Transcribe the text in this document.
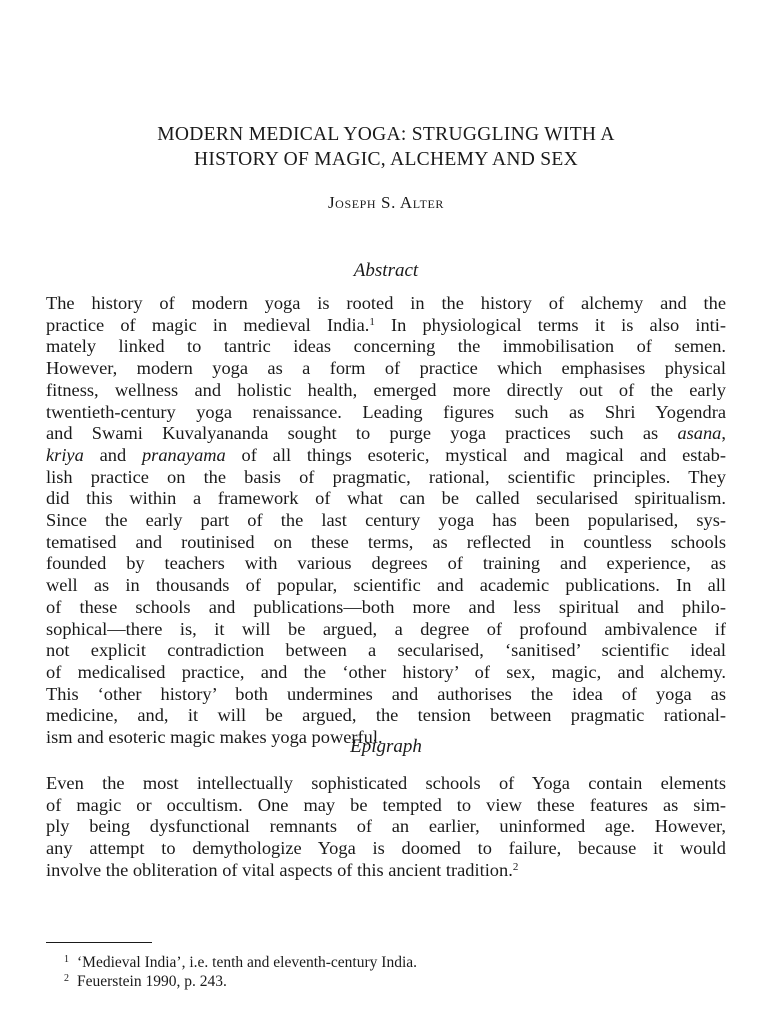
MODERN MEDICAL YOGA: STRUGGLING WITH A
HISTORY OF MAGIC, ALCHEMY AND SEX
Joseph S. Alter
Abstract
The history of modern yoga is rooted in the history of alchemy and the
practice of magic in medieval India.$^1$ In physiological terms it is also inti-
mately linked to tantric ideas concerning the immobilisation of semen.
However, modern yoga as a form of practice which emphasises physical
fitness, wellness and holistic health, emerged more directly out of the early
twentieth-century yoga renaissance. Leading figures such as Shri Yogendra
and Swami Kuvalyananda sought to purge yoga practices such as asana,
kriya and pranayama of all things esoteric, mystical and magical and estab-
lish practice on the basis of pragmatic, rational, scientific principles. They
did this within a framework of what can be called secularised spiritualism.
Since the early part of the last century yoga has been popularised, sys-
tematised and routinised on these terms, as reflected in countless schools
founded by teachers with various degrees of training and experience, as
well as in thousands of popular, scientific and academic publications. In all
of these schools and publications—both more and less spiritual and philo-
sophical—there is, it will be argued, a degree of profound ambivalence if
not explicit contradiction between a secularised, ‘sanitised’ scientific ideal
of medicalised practice, and the ‘other history’ of sex, magic, and alchemy.
This ‘other history’ both undermines and authorises the idea of yoga as
medicine, and, it will be argued, the tension between pragmatic rational-
ism and esoteric magic makes yoga powerful.
Epigraph
Even the most intellectually sophisticated schools of Yoga contain elements
of magic or occultism. One may be tempted to view these features as sim-
ply being dysfunctional remnants of an earlier, uninformed age. However,
any attempt to demythologize Yoga is doomed to failure, because it would
involve the obliteration of vital aspects of this ancient tradition.$^2$
$^1$ ‘Medieval India’, i.e. tenth and eleventh-century India.
$^2$ Feuerstein 1990, p. 243.
